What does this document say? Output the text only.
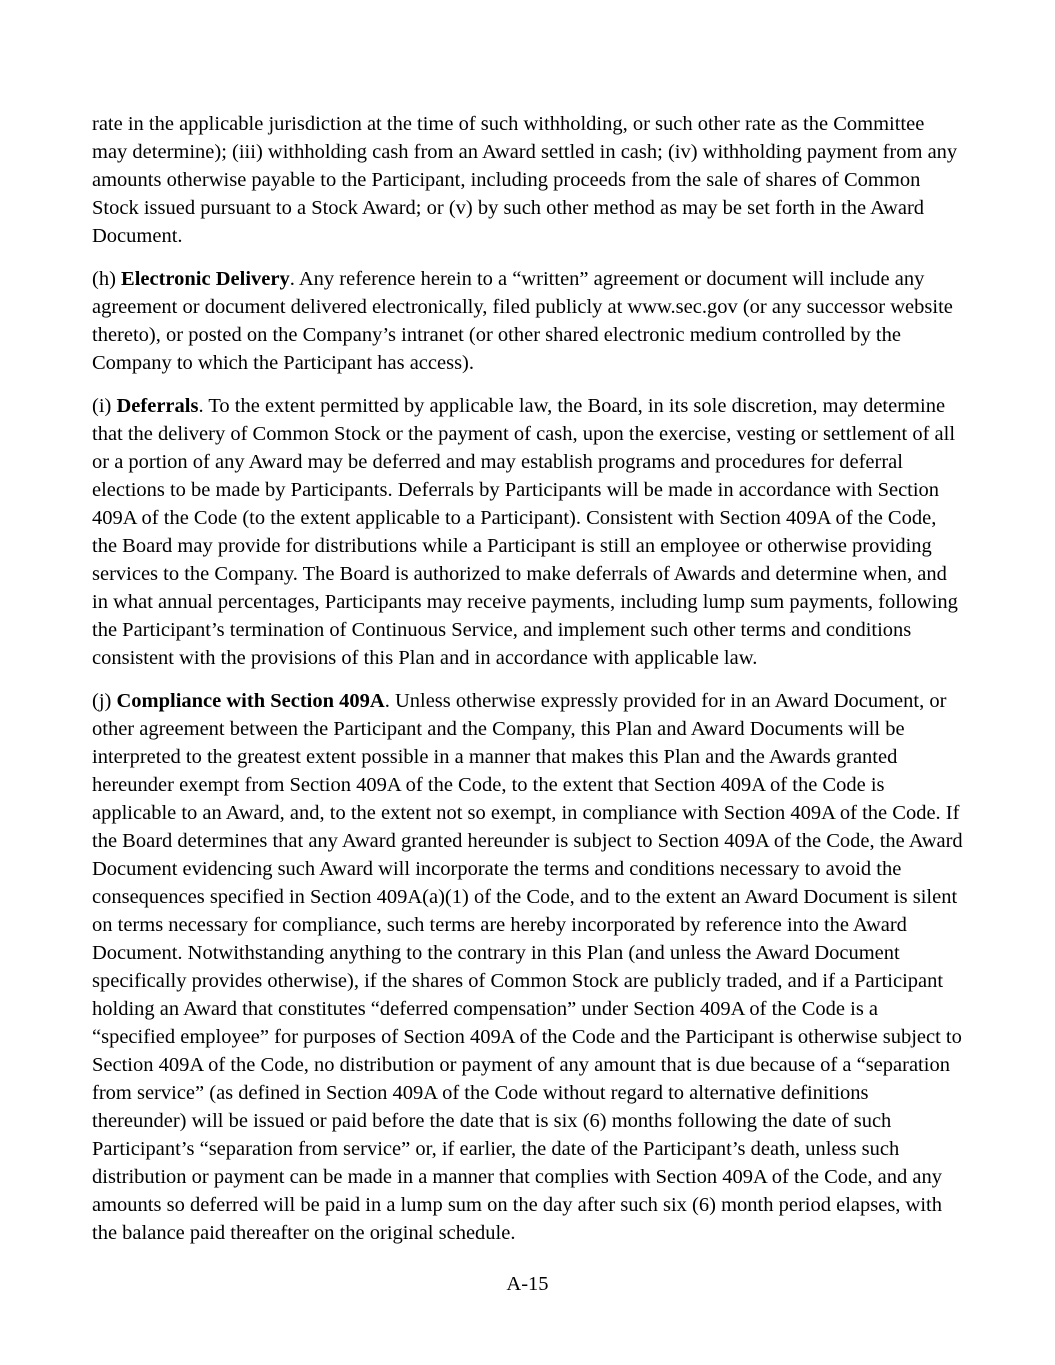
rate in the applicable jurisdiction at the time of such withholding, or such other rate as the Committee may determine); (iii) withholding cash from an Award settled in cash; (iv) withholding payment from any amounts otherwise payable to the Participant, including proceeds from the sale of shares of Common Stock issued pursuant to a Stock Award; or (v) by such other method as may be set forth in the Award Document.

(h) Electronic Delivery. Any reference herein to a “written” agreement or document will include any agreement or document delivered electronically, filed publicly at www.sec.gov (or any successor website thereto), or posted on the Company’s intranet (or other shared electronic medium controlled by the Company to which the Participant has access).

(i) Deferrals. To the extent permitted by applicable law, the Board, in its sole discretion, may determine that the delivery of Common Stock or the payment of cash, upon the exercise, vesting or settlement of all or a portion of any Award may be deferred and may establish programs and procedures for deferral elections to be made by Participants. Deferrals by Participants will be made in accordance with Section 409A of the Code (to the extent applicable to a Participant). Consistent with Section 409A of the Code, the Board may provide for distributions while a Participant is still an employee or otherwise providing services to the Company. The Board is authorized to make deferrals of Awards and determine when, and in what annual percentages, Participants may receive payments, including lump sum payments, following the Participant’s termination of Continuous Service, and implement such other terms and conditions consistent with the provisions of this Plan and in accordance with applicable law.

(j) Compliance with Section 409A. Unless otherwise expressly provided for in an Award Document, or other agreement between the Participant and the Company, this Plan and Award Documents will be interpreted to the greatest extent possible in a manner that makes this Plan and the Awards granted hereunder exempt from Section 409A of the Code, to the extent that Section 409A of the Code is applicable to an Award, and, to the extent not so exempt, in compliance with Section 409A of the Code. If the Board determines that any Award granted hereunder is subject to Section 409A of the Code, the Award Document evidencing such Award will incorporate the terms and conditions necessary to avoid the consequences specified in Section 409A(a)(1) of the Code, and to the extent an Award Document is silent on terms necessary for compliance, such terms are hereby incorporated by reference into the Award Document. Notwithstanding anything to the contrary in this Plan (and unless the Award Document specifically provides otherwise), if the shares of Common Stock are publicly traded, and if a Participant holding an Award that constitutes “deferred compensation” under Section 409A of the Code is a “specified employee” for purposes of Section 409A of the Code and the Participant is otherwise subject to Section 409A of the Code, no distribution or payment of any amount that is due because of a “separation from service” (as defined in Section 409A of the Code without regard to alternative definitions thereunder) will be issued or paid before the date that is six (6) months following the date of such Participant’s “separation from service” or, if earlier, the date of the Participant’s death, unless such distribution or payment can be made in a manner that complies with Section 409A of the Code, and any amounts so deferred will be paid in a lump sum on the day after such six (6) month period elapses, with the balance paid thereafter on the original schedule.

A-15
